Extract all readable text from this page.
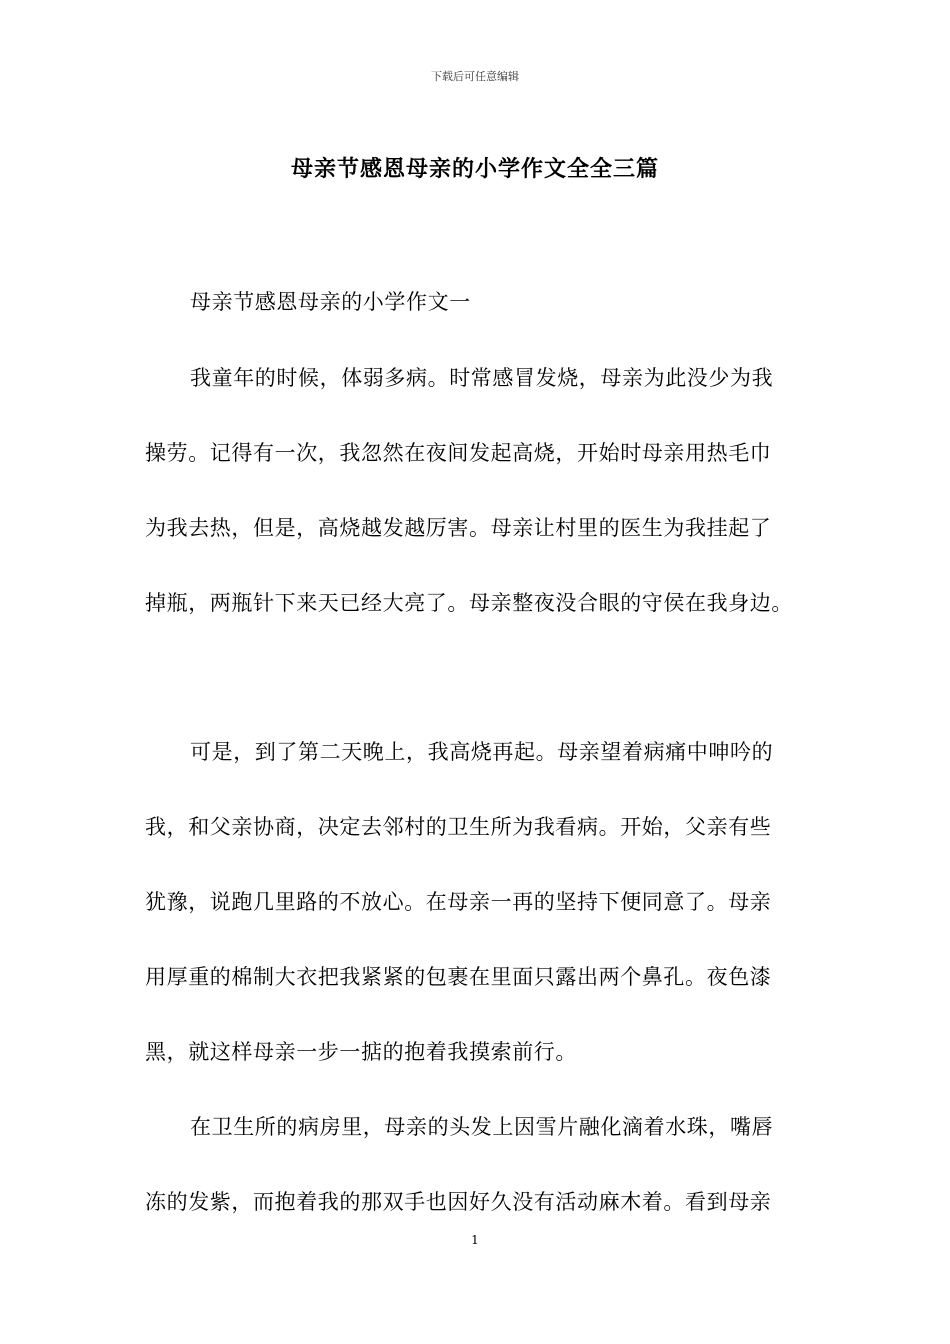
下载后可任意编辑
母亲节感恩母亲的小学作文全全三篇
母亲节感恩母亲的小学作文一
我童年的时候，体弱多病。时常感冒发烧，母亲为此没少为我
操劳。记得有一次，我忽然在夜间发起高烧，开始时母亲用热毛巾
为我去热，但是，高烧越发越厉害。母亲让村里的医生为我挂起了
掉瓶，两瓶针下来天已经大亮了。母亲整夜没合眼的守侯在我身边。
可是，到了第二天晚上，我高烧再起。母亲望着病痛中呻吟的
我，和父亲协商，决定去邻村的卫生所为我看病。开始，父亲有些
犹豫，说跑几里路的不放心。在母亲一再的坚持下便同意了。母亲
用厚重的棉制大衣把我紧紧的包裹在里面只露出两个鼻孔。夜色漆
黑，就这样母亲一步一掂的抱着我摸索前行。
在卫生所的病房里，母亲的头发上因雪片融化滴着水珠，嘴唇
冻的发紫，而抱着我的那双手也因好久没有活动麻木着。看到母亲
1
